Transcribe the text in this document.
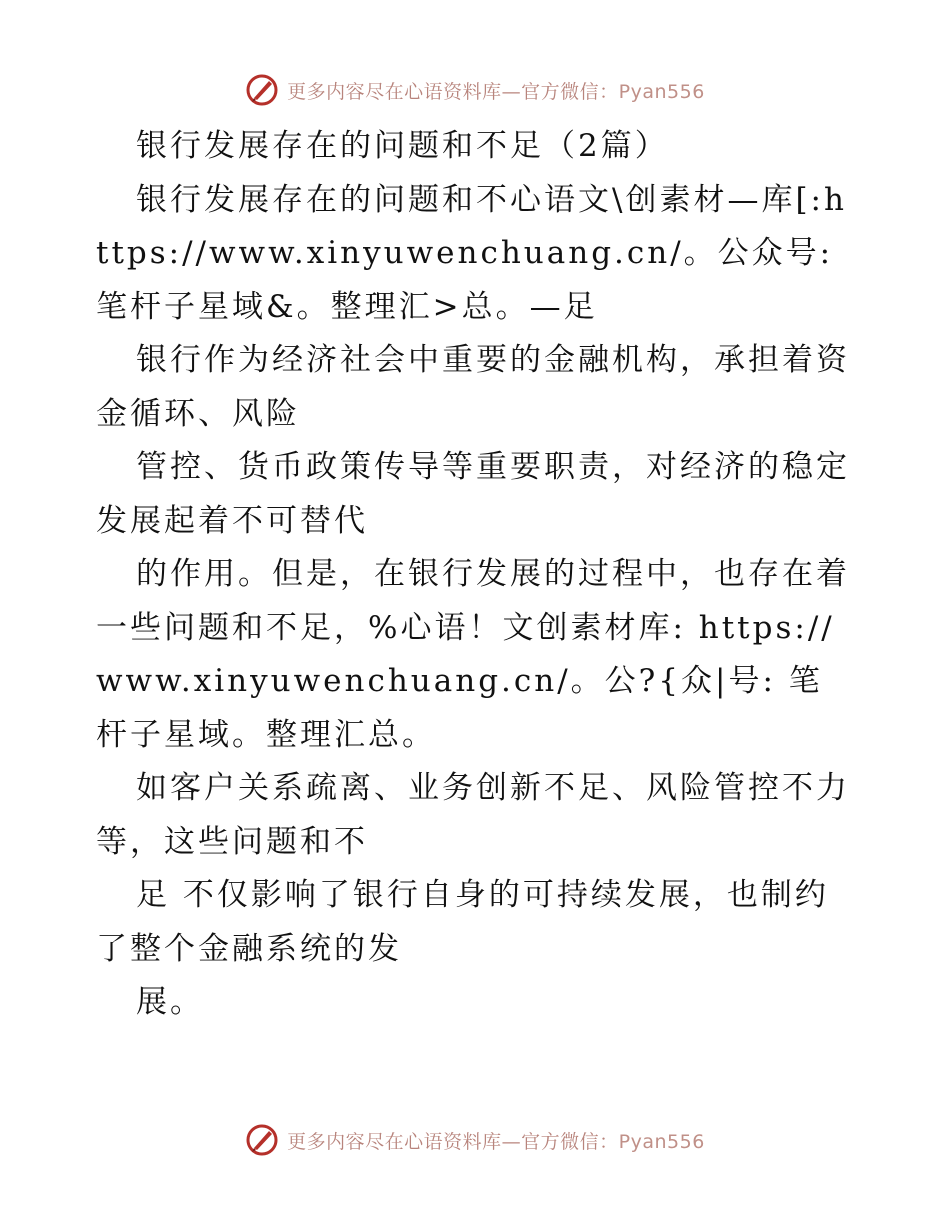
更多内容尽在心语资料库—官方微信：Pyan556

银行发展存在的问题和不足（2篇）

银行发展存在的问题和不心语文\创素材—库[:https://www.xinyuwenchuang.cn/。公众号: 笔杆子星域&。整理汇>总。—足

银行作为经济社会中重要的金融机构，承担着资金循环、风险

管控、货币政策传导等重要职责，对经济的稳定发展起着不可替代

的作用。但是，在银行发展的过程中，也存在着一些问题和不足，%心语！文创素材库: https://www.xinyuwenchuang.cn/。公?{众|号: 笔杆子星域。整理汇总。

如客户关系疏离、业务创新不足、风险管控不力等，这些问题和不

足 不仅影响了银行自身的可持续发展，也制约了整个金融系统的发

展。

更多内容尽在心语资料库—官方微信：Pyan556
